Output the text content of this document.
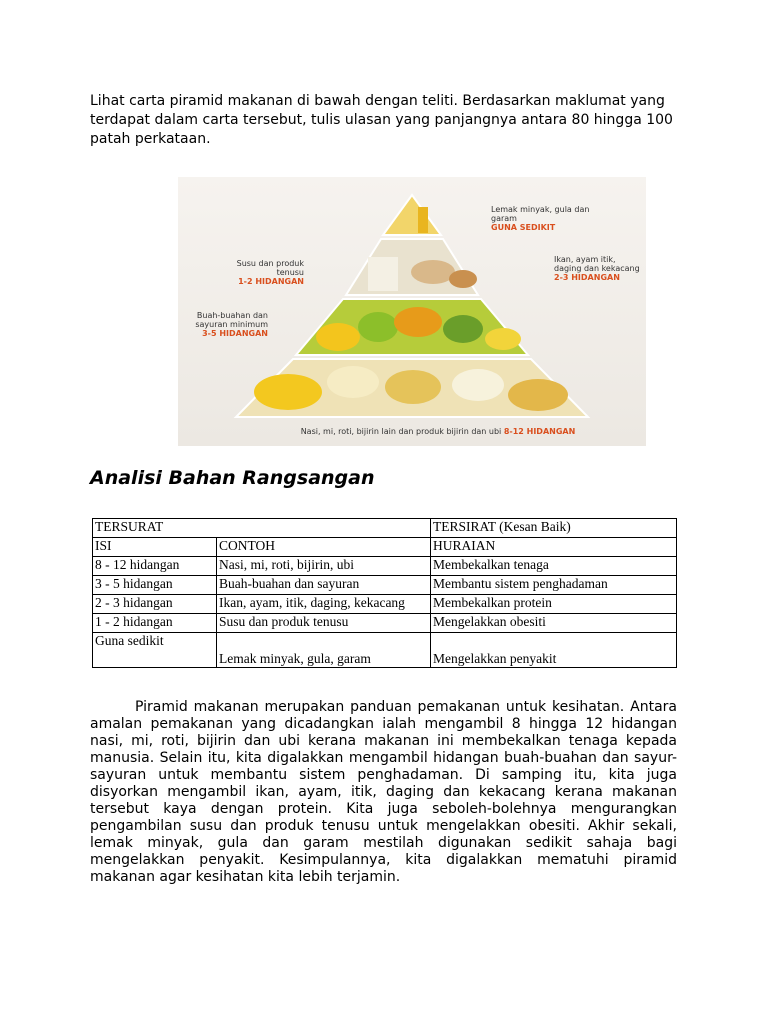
Lihat carta piramid makanan di bawah dengan teliti. Berdasarkan maklumat yang terdapat dalam carta tersebut, tulis ulasan yang panjangnya antara 80 hingga 100 patah perkataan.

Lemak minyak, gula dan garam
GUNA SEDIKIT
Susu dan produk tenusu
1-2 HIDANGAN
Ikan, ayam itik, daging dan kekacang
2-3 HIDANGAN
Buah-buahan dan sayuran minimum
3-5 HIDANGAN
Nasi, mi, roti, bijirin lain dan produk bijirin dan ubi 8-12 HIDANGAN
Analisi Bahan Rangsangan
TERSURAT		TERSIRAT (Kesan Baik)
ISI	CONTOH	HURAIAN
8 - 12 hidangan	Nasi, mi, roti, bijirin, ubi	Membekalkan tenaga
3 - 5 hidangan	Buah-buahan dan sayuran	Membantu sistem penghadaman
2 - 3 hidangan	Ikan, ayam, itik, daging, kekacang	Membekalkan protein
1 - 2 hidangan	Susu dan produk tenusu	Mengelakkan obesiti
Guna sedikit	Lemak minyak, gula, garam	Mengelakkan penyakit

Piramid makanan merupakan panduan pemakanan untuk kesihatan. Antara amalan pemakanan yang dicadangkan ialah mengambil 8 hingga 12 hidangan nasi, mi, roti, bijirin dan ubi kerana makanan ini membekalkan tenaga kepada manusia. Selain itu, kita digalakkan mengambil hidangan buah-buahan dan sayur-sayuran untuk membantu sistem penghadaman. Di samping itu, kita juga disyorkan mengambil ikan, ayam, itik, daging dan kekacang kerana makanan tersebut kaya dengan protein. Kita juga seboleh-bolehnya mengurangkan pengambilan susu dan produk tenusu untuk mengelakkan obesiti. Akhir sekali, lemak minyak, gula dan garam mestilah digunakan sedikit sahaja bagi mengelakkan penyakit. Kesimpulannya, kita digalakkan mematuhi piramid makanan agar kesihatan kita lebih terjamin.
